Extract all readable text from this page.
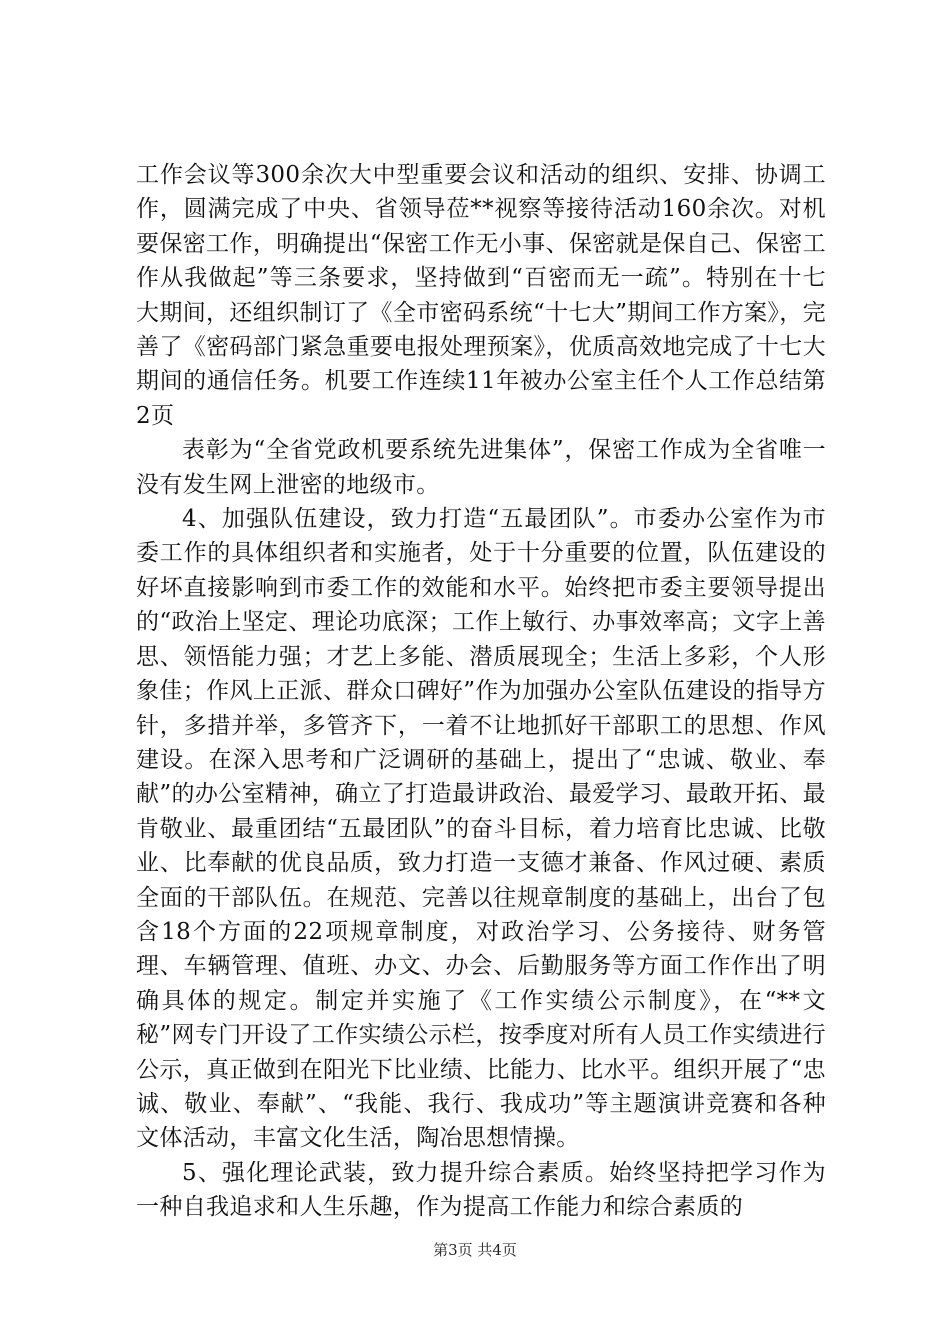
工作会议等300余次大中型重要会议和活动的组织、安排、协调工作，圆满完成了中央、省领导莅**视察等接待活动160余次。对机要保密工作，明确提出“保密工作无小事、保密就是保自己、保密工作从我做起”等三条要求，坚持做到“百密而无一疏”。特别在十七大期间，还组织制订了《全市密码系统“十七大”期间工作方案》，完善了《密码部门紧急重要电报处理预案》，优质高效地完成了十七大期间的通信任务。机要工作连续11年被办公室主任个人工作总结第2页

表彰为“全省党政机要系统先进集体”，保密工作成为全省唯一没有发生网上泄密的地级市。

4、加强队伍建设，致力打造“五最团队”。市委办公室作为市委工作的具体组织者和实施者，处于十分重要的位置，队伍建设的好坏直接影响到市委工作的效能和水平。始终把市委主要领导提出的“政治上坚定、理论功底深；工作上敏行、办事效率高；文字上善思、领悟能力强；才艺上多能、潜质展现全；生活上多彩，个人形象佳；作风上正派、群众口碑好”作为加强办公室队伍建设的指导方针，多措并举，多管齐下，一着不让地抓好干部职工的思想、作风建设。在深入思考和广泛调研的基础上，提出了“忠诚、敬业、奉献”的办公室精神，确立了打造最讲政治、最爱学习、最敢开拓、最肯敬业、最重团结“五最团队”的奋斗目标，着力培育比忠诚、比敬业、比奉献的优良品质，致力打造一支德才兼备、作风过硬、素质全面的干部队伍。在规范、完善以往规章制度的基础上，出台了包含18个方面的22项规章制度，对政治学习、公务接待、财务管理、车辆管理、值班、办文、办会、后勤服务等方面工作作出了明确具体的规定。制定并实施了《工作实绩公示制度》，在“**文秘”网专门开设了工作实绩公示栏，按季度对所有人员工作实绩进行公示，真正做到在阳光下比业绩、比能力、比水平。组织开展了“忠诚、敬业、奉献”、“我能、我行、我成功”等主题演讲竞赛和各种文体活动，丰富文化生活，陶冶思想情操。

5、强化理论武装，致力提升综合素质。始终坚持把学习作为一种自我追求和人生乐趣，作为提高工作能力和综合素质的

第3页 共4页
